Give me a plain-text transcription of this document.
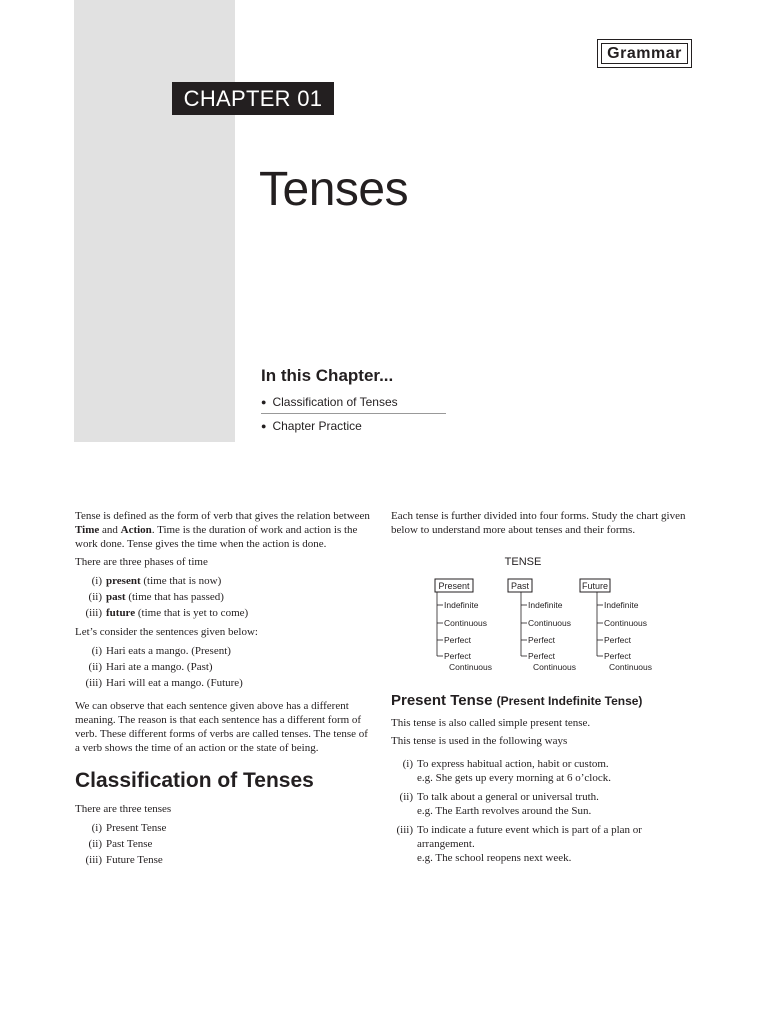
Grammar
CHAPTER 01
Tenses
In this Chapter...
● Classification of Tenses
● Chapter Practice

Tense is defined as the form of verb that gives the relation between Time and Action. Time is the duration of work and action is the work done. Tense gives the time when the action is done.

There are three phases of time

(i) present (time that is now)
(ii) past (time that has passed)
(iii) future (time that is yet to come)

Let’s consider the sentences given below:

(i) Hari eats a mango. (Present)
(ii) Hari ate a mango. (Past)
(iii) Hari will eat a mango. (Future)

We can observe that each sentence given above has a different meaning. The reason is that each sentence has a different form of verb. These different forms of verbs are called tenses. The tense of a verb shows the time of an action or the state of being.

Classification of Tenses

There are three tenses

(i) Present Tense
(ii) Past Tense
(iii) Future Tense

Each tense is further divided into four forms. Study the chart given below to understand more about tenses and their forms.

TENSE
Present
Indefinite
Continuous
Perfect
Perfect
Continuous
Past
Indefinite
Continuous
Perfect
Perfect
Continuous
Future
Indefinite
Continuous
Perfect
Perfect
Continuous
Present Tense (Present Indefinite Tense)

This tense is also called simple present tense.

This tense is used in the following ways

(i) To express habitual action, habit or custom.
e.g. She gets up every morning at 6 o’clock.
(ii) To talk about a general or universal truth.
e.g. The Earth revolves around the Sun.
(iii) To indicate a future event which is part of a plan or arrangement.
e.g. The school reopens next week.
